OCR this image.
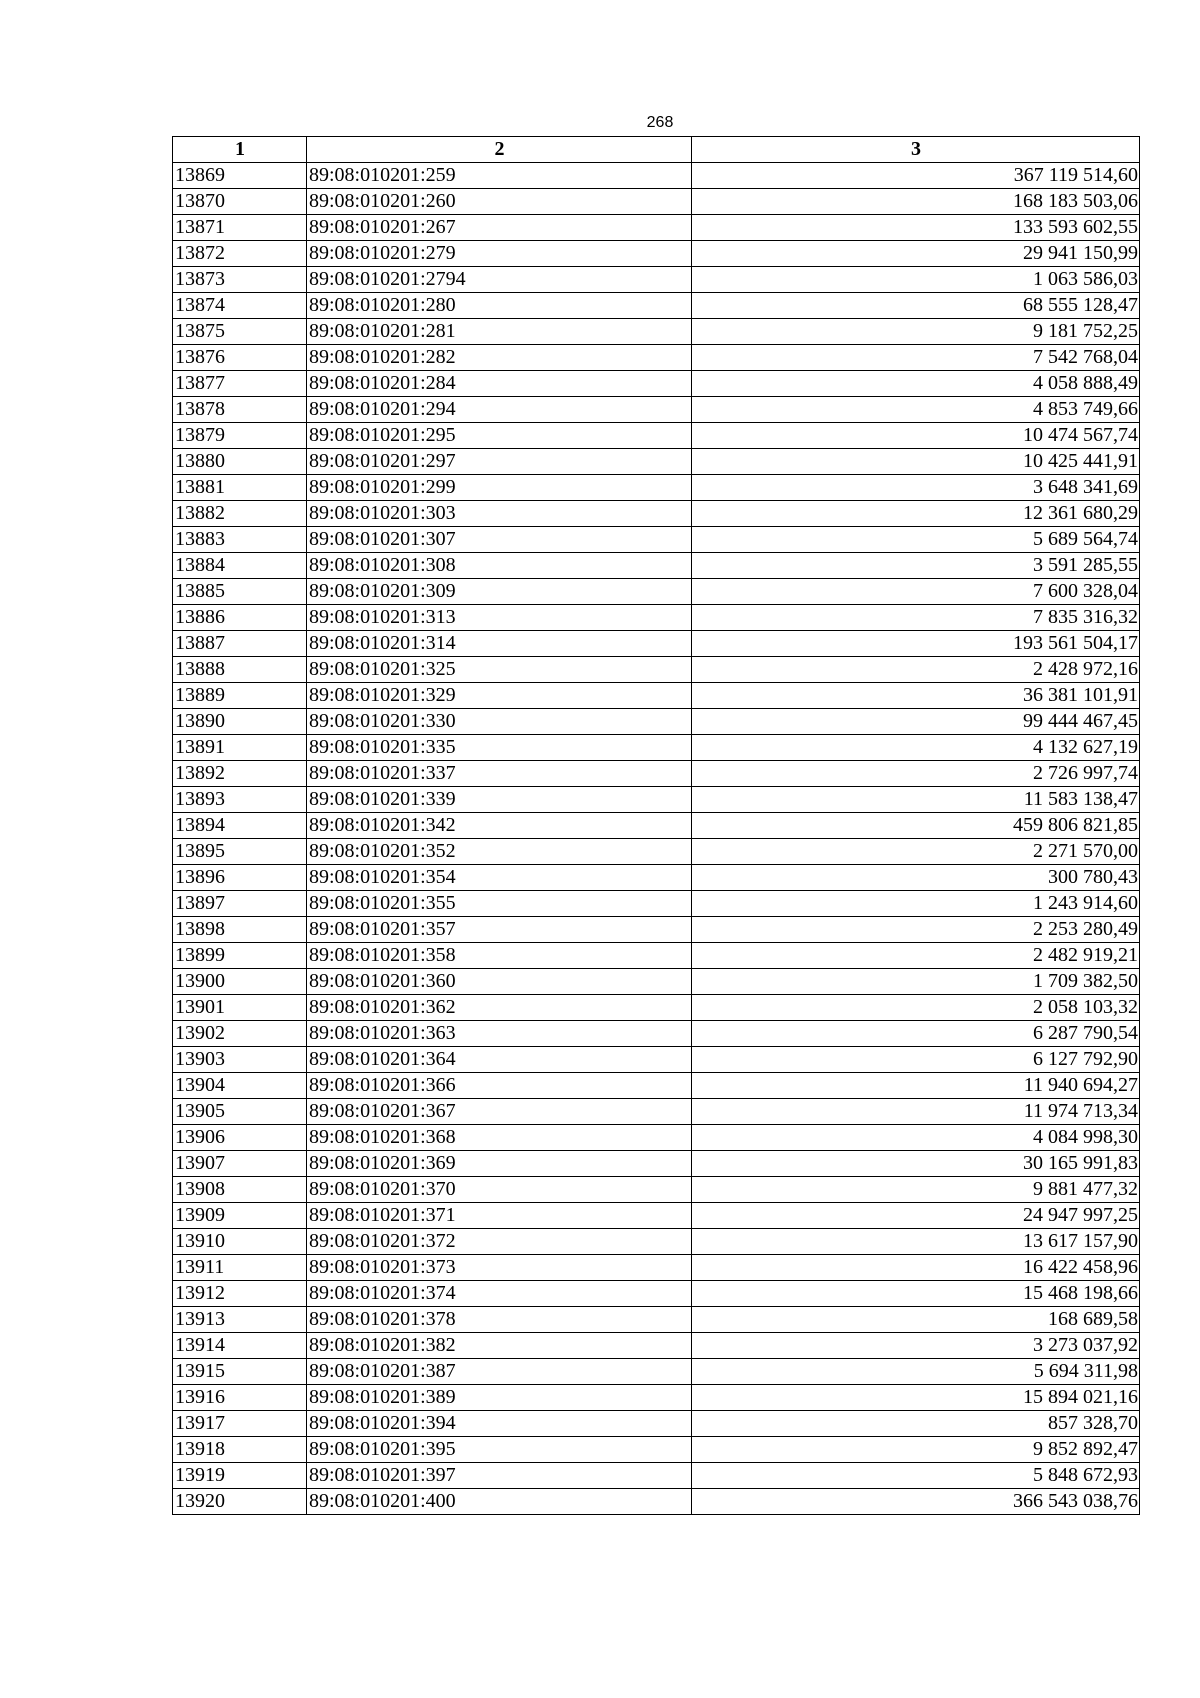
268
1	2	3
13869	89:08:010201:259	367 119 514,60
13870	89:08:010201:260	168 183 503,06
13871	89:08:010201:267	133 593 602,55
13872	89:08:010201:279	29 941 150,99
13873	89:08:010201:2794	1 063 586,03
13874	89:08:010201:280	68 555 128,47
13875	89:08:010201:281	9 181 752,25
13876	89:08:010201:282	7 542 768,04
13877	89:08:010201:284	4 058 888,49
13878	89:08:010201:294	4 853 749,66
13879	89:08:010201:295	10 474 567,74
13880	89:08:010201:297	10 425 441,91
13881	89:08:010201:299	3 648 341,69
13882	89:08:010201:303	12 361 680,29
13883	89:08:010201:307	5 689 564,74
13884	89:08:010201:308	3 591 285,55
13885	89:08:010201:309	7 600 328,04
13886	89:08:010201:313	7 835 316,32
13887	89:08:010201:314	193 561 504,17
13888	89:08:010201:325	2 428 972,16
13889	89:08:010201:329	36 381 101,91
13890	89:08:010201:330	99 444 467,45
13891	89:08:010201:335	4 132 627,19
13892	89:08:010201:337	2 726 997,74
13893	89:08:010201:339	11 583 138,47
13894	89:08:010201:342	459 806 821,85
13895	89:08:010201:352	2 271 570,00
13896	89:08:010201:354	300 780,43
13897	89:08:010201:355	1 243 914,60
13898	89:08:010201:357	2 253 280,49
13899	89:08:010201:358	2 482 919,21
13900	89:08:010201:360	1 709 382,50
13901	89:08:010201:362	2 058 103,32
13902	89:08:010201:363	6 287 790,54
13903	89:08:010201:364	6 127 792,90
13904	89:08:010201:366	11 940 694,27
13905	89:08:010201:367	11 974 713,34
13906	89:08:010201:368	4 084 998,30
13907	89:08:010201:369	30 165 991,83
13908	89:08:010201:370	9 881 477,32
13909	89:08:010201:371	24 947 997,25
13910	89:08:010201:372	13 617 157,90
13911	89:08:010201:373	16 422 458,96
13912	89:08:010201:374	15 468 198,66
13913	89:08:010201:378	168 689,58
13914	89:08:010201:382	3 273 037,92
13915	89:08:010201:387	5 694 311,98
13916	89:08:010201:389	15 894 021,16
13917	89:08:010201:394	857 328,70
13918	89:08:010201:395	9 852 892,47
13919	89:08:010201:397	5 848 672,93
13920	89:08:010201:400	366 543 038,76
